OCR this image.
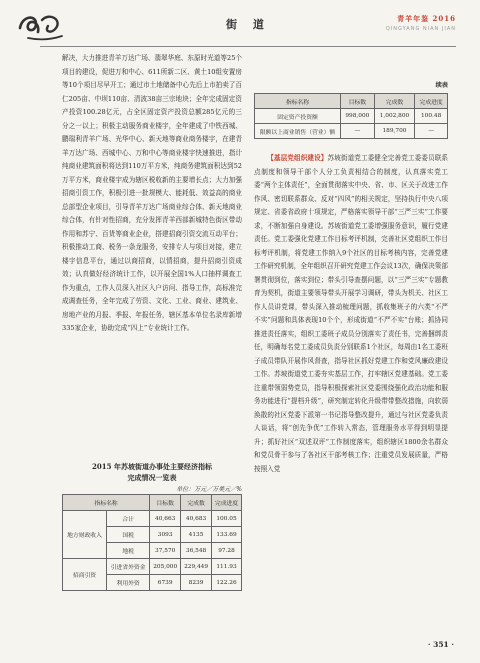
街 道	青羊年鉴 2016
QINGYANG NIAN JIAN

解决，大力推进青羊万达广场、翡翠华庭、东原时光道等25个项目的建设，促进万和中心、611所新二区、黄土10组安置房等10个项目尽早开工；通过市土地储备中心先后上市拍卖了百仁205亩、中坝110亩、清波38亩三宗地块；全年完成固定资产投资100.28亿元，占全区固定资产投资总额285亿元的三分之一以上；积极主动服务商业楼宇，全年建成了中铁西城、鹏瑞利青羊广场、光华中心、新天地等商业商务楼宇，在建青羊万达广场、西城中心、万和中心等商业楼宇快速推进，指计纯商业建筑面积将达到110万平方米，纯商务建筑面积达到52万平方米，商业楼宇成为辖区税收新的主要增长点；大力加强招商引资工作，积极引进一批规模大、能耗低、效益高的商业总部型企业项目，引导青羊万达广场商业综合体、新天地商业综合体，有针对性招商，充分发挥青羊西部新城特色街区带动作用和苏宁、百货等商业企业，搭建招商引资交流互动平台；积极推动工商、税务一条龙服务，安排专人与项目对接，建立楼宇信息平台，通过以商招商，以情招商，提升招商引资成效；认真做好经济统计工作，以开展全国1%人口抽样调查工作为重点，工作人员深入社区入户访问、指导工作，高标准完成调查任务，全年完成了劳资、文化、工业、商业、建筑业、房地产业的月报、季报、年报任务，辖区基本单位名录库新增335家企业，协助完成“四上”专业统计工作。

2015 年苏坡街道办事处主要经济指标
完成情况一览表
单位：万元／万美元／%
指标名称		目标数	完成数	完成进度
地方财政收入	合计	40,663	40,683	100.05
	国税	3093	4135	133.69
	地税	37,570	36,548	97.28
招商引资	引进省外资金	205,000	229,449	111.93
	利用外资	6739	8239	122.26
续表
指标名称	目标数	完成数	完成进度
固定资产投资额	998,000	1,002,800	100.48
限额以上商业销售（营业）额	—	189,700	—

【基层党组织建设】苏坡街道党工委健全完善党工委委员联系点制度和领导干部个人分工负责相结合的制度，认真落实党工委“两个主体责任”，全面贯彻落实中央、省、市、区关于改进工作作风、密切联系群众、反对“四风”的相关规定，坚持执行中央八项规定、省委省政府十项规定，严格落实领导干部“三严三实”工作要求，不断加强自身建设。苏坡街道党工委增强服务意识，履行党建责任。党工委强化党建工作目标考评机制，完善社区党组织工作目标考评机制，将党建工作纳入9个社区的目标考核内容，完善党建工作研究机制，全年组织召开研究党建工作会议13次，确保决策部署贯彻到位，落实到位；带头引导查摆问题，以“三严三实”专题教育为契机，街道主要领导带头开展学习调研，带头为机关、社区工作人员讲党课，带头深入推动梳理问题，抓收集班子的六类“不严不实”问题和具体表现10个个，形成街道“不严不实”台账；抓协同推进责任落实，组织工委班子成员分别落实了责任书，完善捆绑责任，明确每名党工委成员负责分别联系1个社区，每周由1名工委班子成员带队开展作风督查，指导社区抓好党建工作和党风廉政建设工作。苏坡街道党工委夯实基层工作，打牢辖区党建基础。党工委注重带领弱势党员，指导积极探索社区党委围绕强化政治功能和服务功能进行“提档升级”，研究制定转化升级带带整改措施，向软弱涣散的社区党委下派第一书记指导整改提升，通过与社区党委负责人谈话，将“创先争优”工作转入常态，管理服务水平得到明显提升；抓好社区“双述双评”工作制度落实，组织辖区1800余名群众和党员骨干参与了各社区干部考核工作；注重党员发展质量，严格按照入党

· 351 ·
